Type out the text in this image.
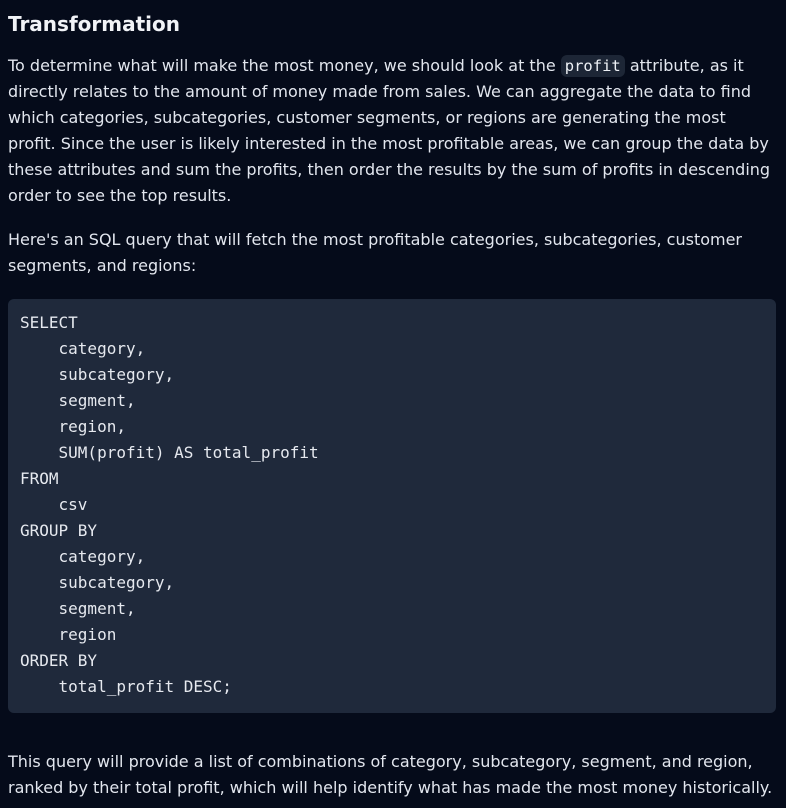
Transformation

To determine what will make the most money, we should look at the profit attribute, as it directly relates to the amount of money made from sales. We can aggregate the data to find which categories, subcategories, customer segments, or regions are generating the most profit. Since the user is likely interested in the most profitable areas, we can group the data by these attributes and sum the profits, then order the results by the sum of profits in descending order to see the top results.

Here's an SQL query that will fetch the most profitable categories, subcategories, customer segments, and regions:

SELECT
category,
subcategory,
segment,
region,
SUM(profit) AS total_profit
FROM
csv
GROUP BY
category,
subcategory,
segment,
region
ORDER BY
total_profit DESC;

This query will provide a list of combinations of category, subcategory, segment, and region, ranked by their total profit, which will help identify what has made the most money historically.
